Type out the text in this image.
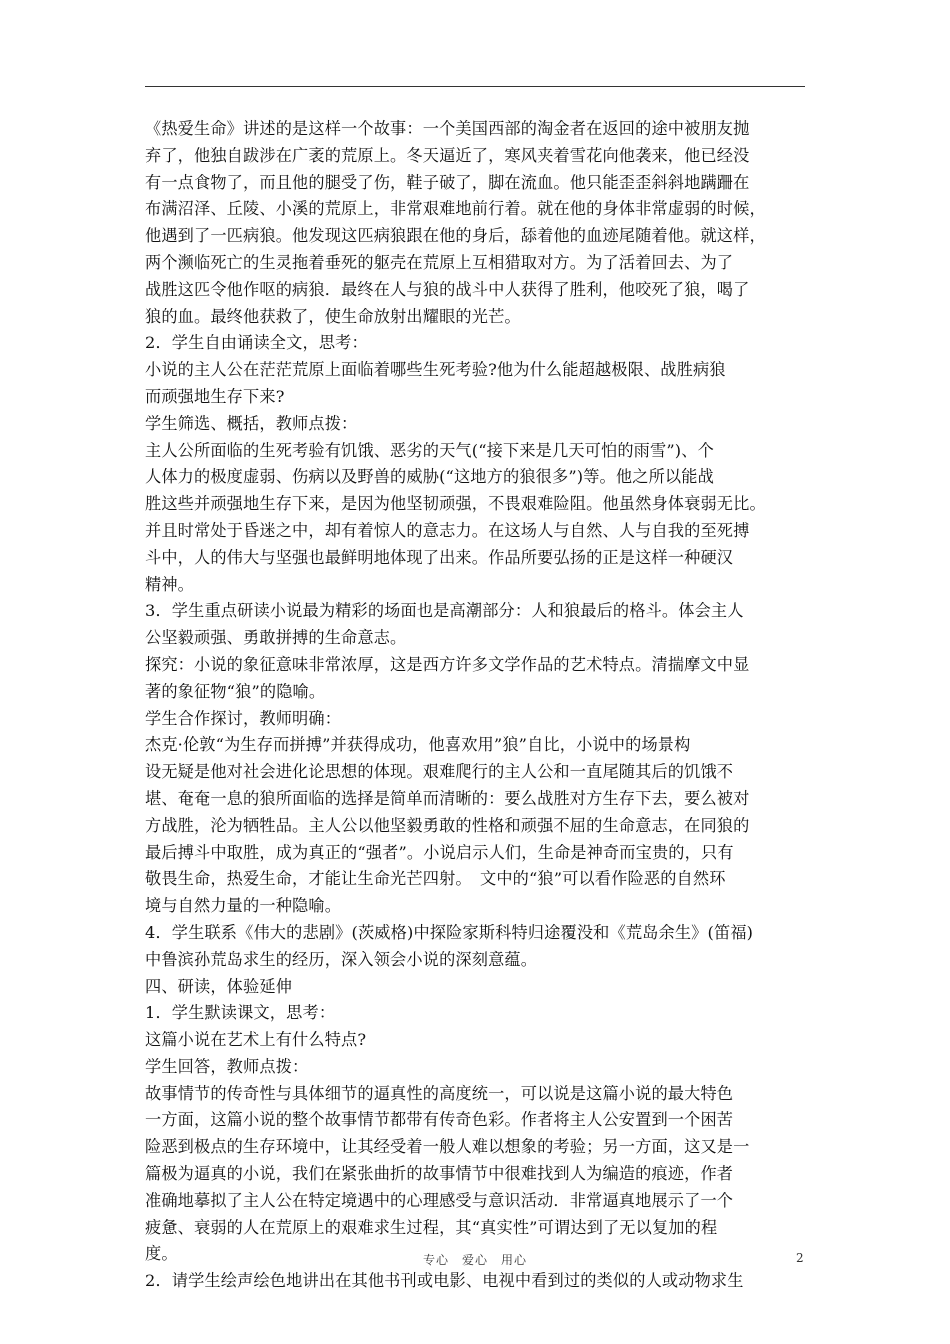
《热爱生命》讲述的是这样一个故事：一个美国西部的淘金者在返回的途中被朋友抛
弃了，他独自跋涉在广袤的荒原上。冬天逼近了，寒风夹着雪花向他袭来，他已经没
有一点食物了，而且他的腿受了伤，鞋子破了，脚在流血。他只能歪歪斜斜地蹒跚在
布满沼泽、丘陵、小溪的荒原上，非常艰难地前行着。就在他的身体非常虚弱的时候，
他遇到了一匹病狼。他发现这匹病狼跟在他的身后，舔着他的血迹尾随着他。就这样，
两个濒临死亡的生灵拖着垂死的躯壳在荒原上互相猎取对方。为了活着回去、为了
战胜这匹令他作呕的病狼．最终在人与狼的战斗中人获得了胜利，他咬死了狼，喝了
狼的血。最终他获救了，使生命放射出耀眼的光芒。
2．学生自由诵读全文，思考：
小说的主人公在茫茫荒原上面临着哪些生死考验?他为什么能超越极限、战胜病狼
而顽强地生存下来?
学生筛选、概括，教师点拨：
主人公所面临的生死考验有饥饿、恶劣的天气(“接下来是几天可怕的雨雪”)、个
人体力的极度虚弱、伤病以及野兽的威胁(“这地方的狼很多”)等。他之所以能战
胜这些并顽强地生存下来，是因为他坚韧顽强，不畏艰难险阻。他虽然身体衰弱无比。
并且时常处于昏迷之中，却有着惊人的意志力。在这场人与自然、人与自我的至死搏
斗中，人的伟大与坚强也最鲜明地体现了出来。作品所要弘扬的正是这样一种硬汉
精神。
3．学生重点研读小说最为精彩的场面也是高潮部分：人和狼最后的格斗。体会主人
公坚毅顽强、勇敢拼搏的生命意志。
探究：小说的象征意味非常浓厚，这是西方许多文学作品的艺术特点。清揣摩文中显
著的象征物“狼”的隐喻。
学生合作探讨，教师明确：
杰克·伦敦“为生存而拼搏”并获得成功，他喜欢用”狼”自比，小说中的场景构
设无疑是他对社会进化论思想的体现。艰难爬行的主人公和一直尾随其后的饥饿不
堪、奄奄一息的狼所面临的选择是简单而清晰的：要么战胜对方生存下去，要么被对
方战胜，沦为牺牲品。主人公以他坚毅勇敢的性格和顽强不屈的生命意志，在同狼的
最后搏斗中取胜，成为真正的“强者”。小说启示人们，生命是神奇而宝贵的，只有
敬畏生命，热爱生命，才能让生命光芒四射。　文中的“狼”可以看作险恶的自然环
境与自然力量的一种隐喻。
4．学生联系《伟大的悲剧》(茨威格)中探险家斯科特归途覆没和《荒岛余生》(笛福)
中鲁滨孙荒岛求生的经历，深入领会小说的深刻意蕴。
四、研读，体验延伸
1．学生默读课文，思考：
这篇小说在艺术上有什么特点?
学生回答，教师点拨：
故事情节的传奇性与具体细节的逼真性的高度统一，可以说是这篇小说的最大特色
一方面，这篇小说的整个故事情节都带有传奇色彩。作者将主人公安置到一个困苦
险恶到极点的生存环境中，让其经受着一般人难以想象的考验；另一方面，这又是一
篇极为逼真的小说，我们在紧张曲折的故事情节中很难找到人为编造的痕迹，作者
准确地摹拟了主人公在特定境遇中的心理感受与意识活动．非常逼真地展示了一个
疲惫、衰弱的人在荒原上的艰难求生过程，其“真实性”可谓达到了无以复加的程
度。
2．请学生绘声绘色地讲出在其他书刊或电影、电视中看到过的类似的人或动物求生
专心　爱心　用心	2
